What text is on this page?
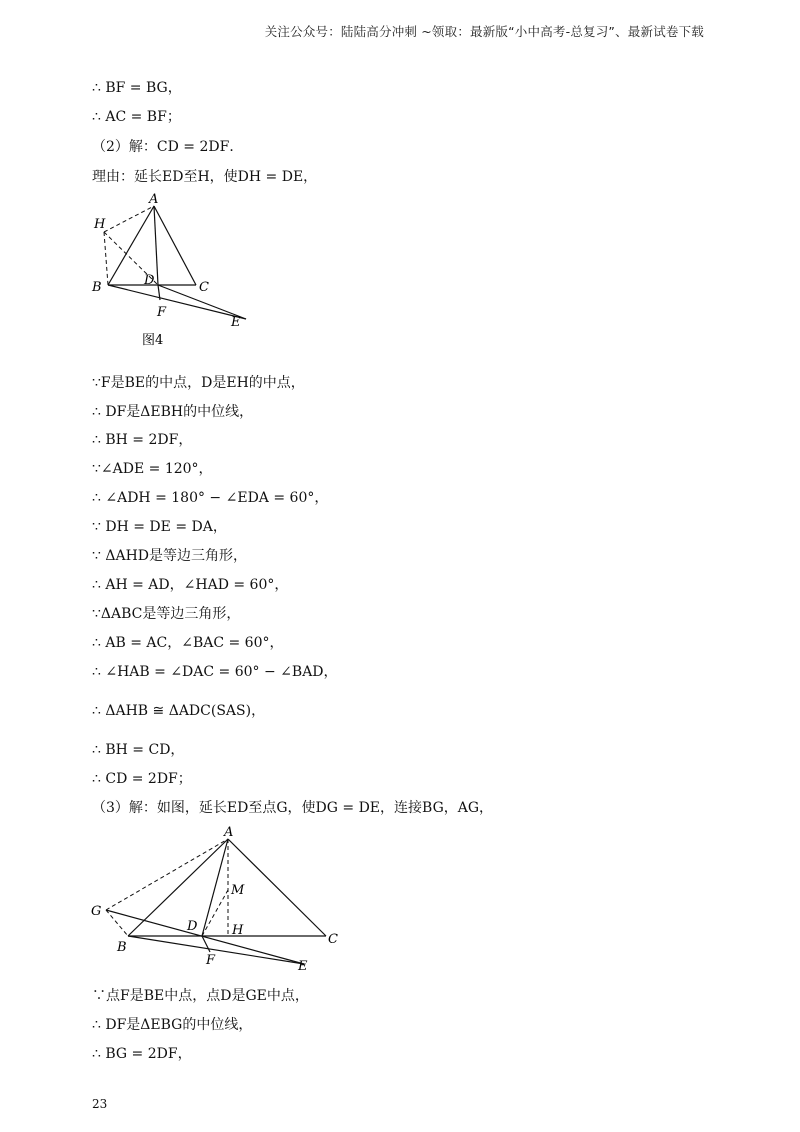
关注公众号：陆陆高分冲刺 ~领取：最新版“小中高考-总复习”、最新试卷下载
∴ BF = BG，
∴ AC = BF；
（2）解：CD = 2DF．
理由：延长ED至H，使DH = DE，
A
H
B	D	C
F
E
图4
∵F是BE的中点，D是EH的中点，
∴ DF是ΔEBH的中位线，
∴ BH = 2DF，
∵∠ADE = 120°，
∴ ∠ADH = 180° − ∠EDA = 60°，
∵ DH = DE = DA，
∵ ΔAHD是等边三角形，
∴ AH = AD，∠HAD = 60°，
∵ΔABC是等边三角形，
∴ AB = AC，∠BAC = 60°，
∴ ∠HAB = ∠DAC = 60° − ∠BAD，
∴ ΔAHB ≅ ΔADC(SAS)，
∴ BH = CD，
∴ CD = 2DF；
（3）解：如图，延长ED至点G，使DG = DE，连接BG，AG，
A
M
G
D	H
B
C
F	E
∵点F是BE中点，点D是GE中点，
∴ DF是ΔEBG的中位线，
∴ BG = 2DF，
23
